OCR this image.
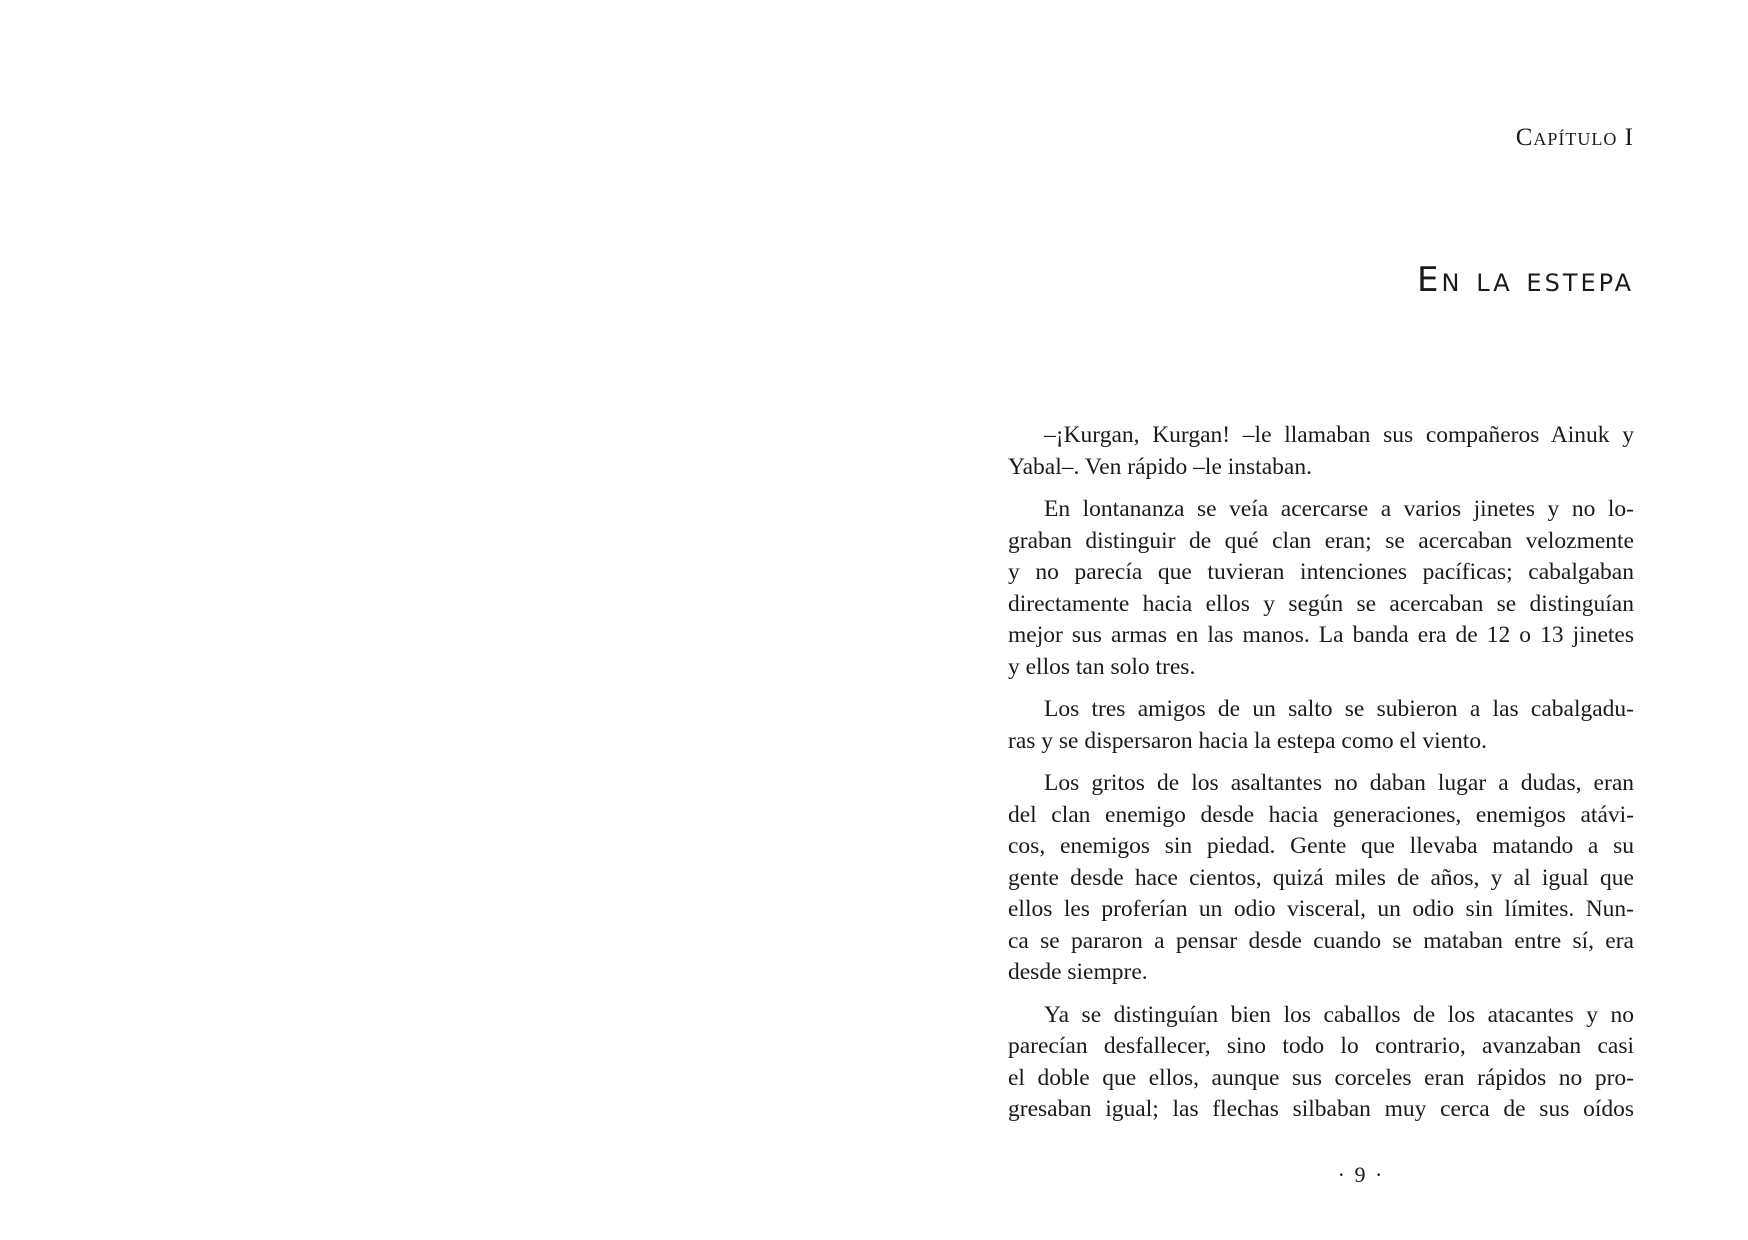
Capítulo I
En la estepa

–¡Kurgan, Kurgan! –le llamaban sus compañeros Ainuk y
Yabal–. Ven rápido –le instaban.

En lontananza se veía acercarse a varios jinetes y no lo-
graban distinguir de qué clan eran; se acercaban velozmente
y no parecía que tuvieran intenciones pacíficas; cabalgaban
directamente hacia ellos y según se acercaban se distinguían
mejor sus armas en las manos. La banda era de 12 o 13 jinetes
y ellos tan solo tres.

Los tres amigos de un salto se subieron a las cabalgadu-
ras y se dispersaron hacia la estepa como el viento.

Los gritos de los asaltantes no daban lugar a dudas, eran
del clan enemigo desde hacia generaciones, enemigos atávi-
cos, enemigos sin piedad. Gente que llevaba matando a su
gente desde hace cientos, quizá miles de años, y al igual que
ellos les proferían un odio visceral, un odio sin límites. Nun-
ca se pararon a pensar desde cuando se mataban entre sí, era
desde siempre.

Ya se distinguían bien los caballos de los atacantes y no
parecían desfallecer, sino todo lo contrario, avanzaban casi
el doble que ellos, aunque sus corceles eran rápidos no pro-
gresaban igual; las flechas silbaban muy cerca de sus oídos

· 9 ·
